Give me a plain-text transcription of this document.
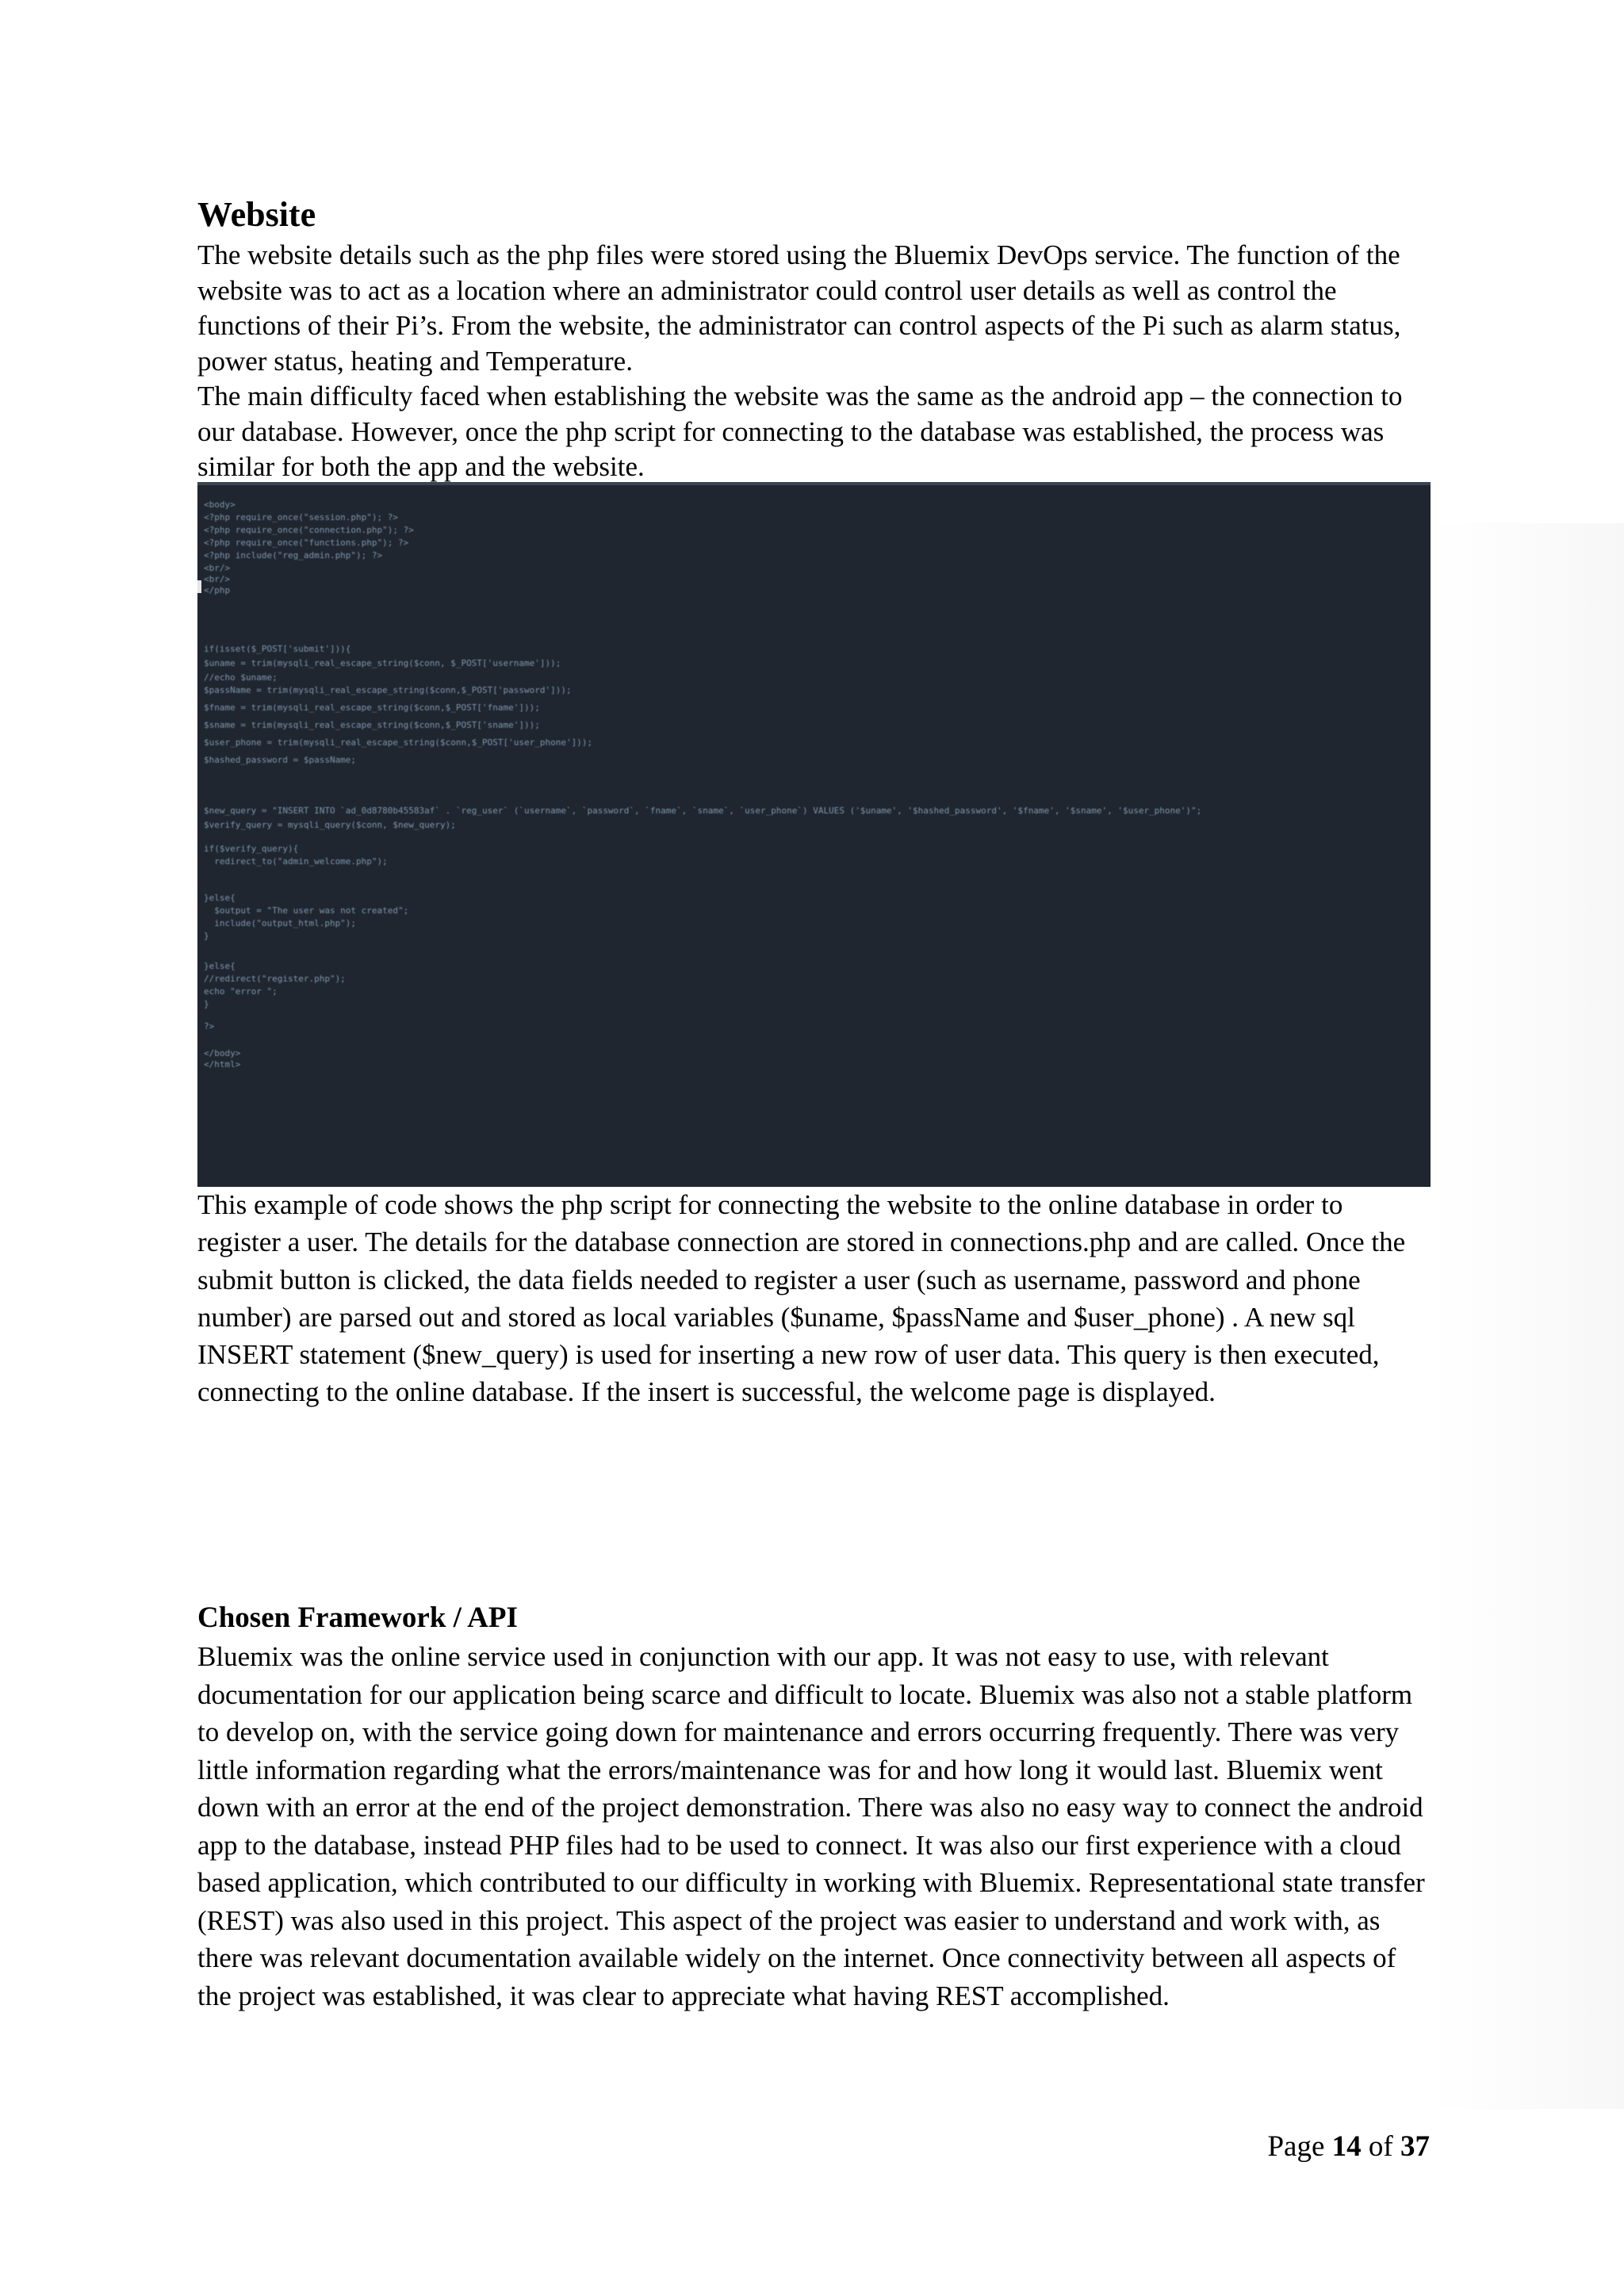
Website

The website details such as the php files were stored using the Bluemix DevOps service. The function of the website was to act as a location where an administrator could control user details as well as control the functions of their Pi’s. From the website, the administrator can control aspects of the Pi such as alarm status, power status, heating and Temperature.

The main difficulty faced when establishing the website was the same as the android app – the connection to our database. However, once the php script for connecting to the database was established, the process was similar for both the app and the website.

<body>
<?php require_once("session.php"); ?>
<?php require_once("connection.php"); ?>
<?php require_once("functions.php"); ?>
<?php include("reg_admin.php"); ?>
<br/>
<br/>
</php
if(isset($_POST['submit'])){
$uname = trim(mysqli_real_escape_string($conn, $_POST['username']));
//echo $uname;
$passName = trim(mysqli_real_escape_string($conn,$_POST['password']));
$fname = trim(mysqli_real_escape_string($conn,$_POST['fname']));
$sname = trim(mysqli_real_escape_string($conn,$_POST['sname']));
$user_phone = trim(mysqli_real_escape_string($conn,$_POST['user_phone']));
$hashed_password = $passName;
$new_query = "INSERT INTO `ad_0d8780b45583af` . `reg_user` (`username`, `password`, `fname`, `sname`, `user_phone`) VALUES ('$uname', '$hashed_password', '$fname', '$sname', '$user_phone')";
$verify_query = mysqli_query($conn, $new_query);
if($verify_query){
redirect_to("admin_welcome.php");
}else{
$output = "The user was not created";
include("output_html.php");
}
}else{
//redirect("register.php");
echo "error ";
}
?>
</body>
</html>

This example of code shows the php script for connecting the website to the online database in order to register a user. The details for the database connection are stored in connections.php and are called. Once the submit button is clicked, the data fields needed to register a user (such as username, password and phone number) are parsed out and stored as local variables ($uname, $passName and $user_phone) . A new sql INSERT statement ($new_query) is used for inserting a new row of user data. This query is then executed, connecting to the online database. If the insert is successful, the welcome page is displayed.

Chosen Framework / API

Bluemix was the online service used in conjunction with our app. It was not easy to use, with relevant documentation for our application being scarce and difficult to locate. Bluemix was also not a stable platform to develop on, with the service going down for maintenance and errors occurring frequently. There was very little information regarding what the errors/maintenance was for and how long it would last. Bluemix went down with an error at the end of the project demonstration. There was also no easy way to connect the android app to the database, instead PHP files had to be used to connect. It was also our first experience with a cloud based application, which contributed to our difficulty in working with Bluemix. Representational state transfer (REST) was also used in this project. This aspect of the project was easier to understand and work with, as there was relevant documentation available widely on the internet. Once connectivity between all aspects of the project was established, it was clear to appreciate what having REST accomplished.

Page 14 of 37
